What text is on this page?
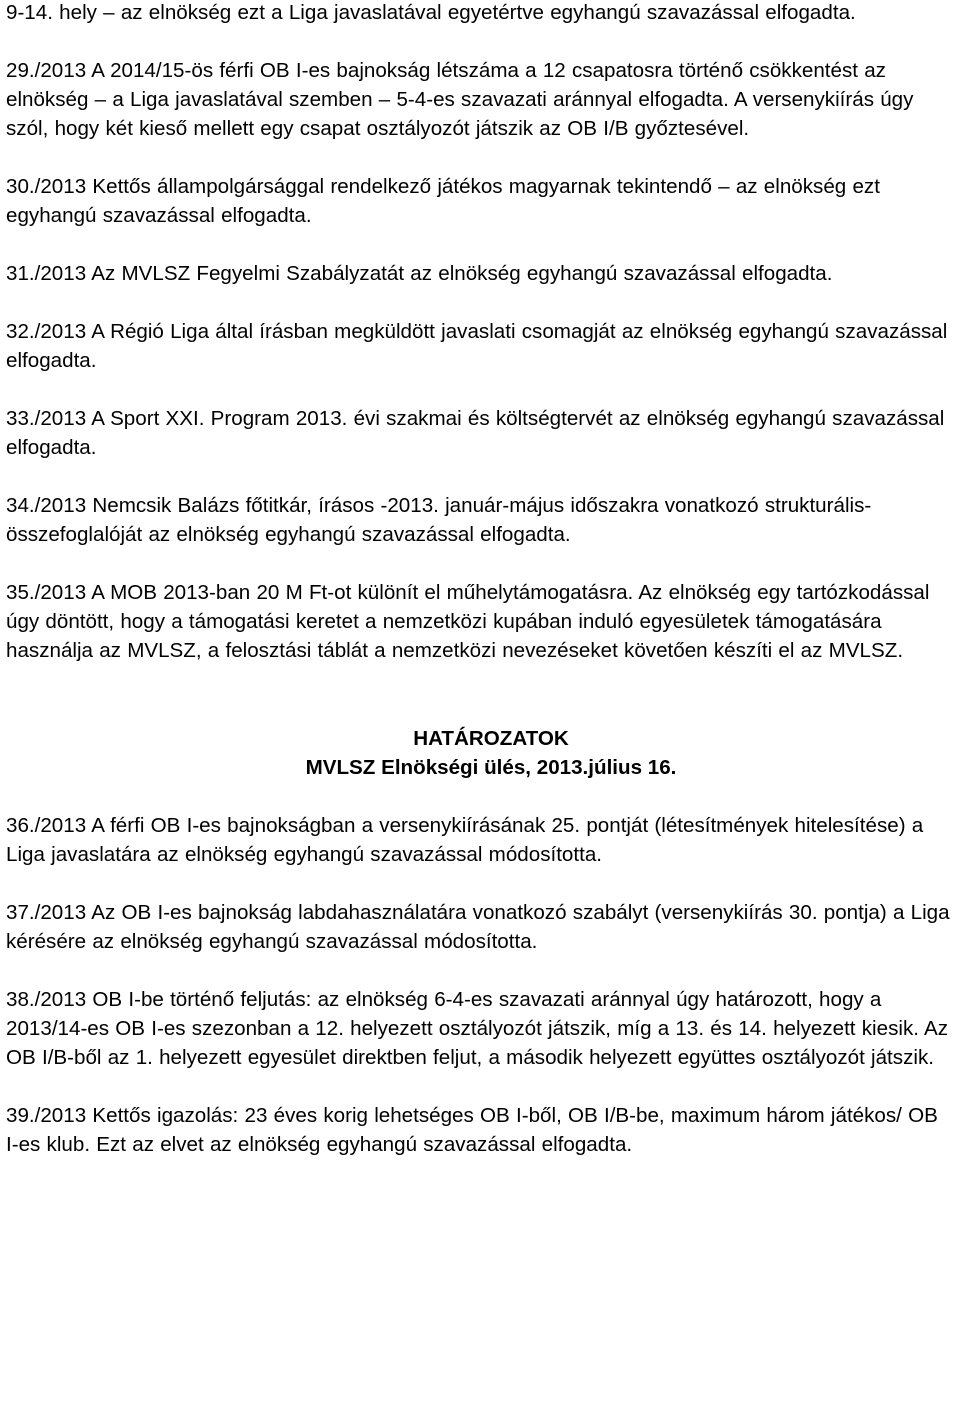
9-14. hely – az elnökség ezt a Liga javaslatával egyetértve egyhangú szavazással elfogadta.

29./2013 A 2014/15-ös férfi OB I-es bajnokság létszáma a 12 csapatosra történő csökkentést az elnökség – a Liga javaslatával szemben – 5-4-es szavazati aránnyal elfogadta. A versenykiírás úgy szól, hogy két kieső mellett egy csapat osztályozót játszik az OB I/B győztesével.

30./2013 Kettős állampolgársággal rendelkező játékos magyarnak tekintendő – az elnökség ezt egyhangú szavazással elfogadta.

31./2013 Az MVLSZ Fegyelmi Szabályzatát az elnökség egyhangú szavazással elfogadta.

32./2013 A Régió Liga által írásban megküldött javaslati csomagját az elnökség egyhangú szavazással elfogadta.

33./2013 A Sport XXI. Program 2013. évi szakmai és költségtervét az elnökség egyhangú szavazással elfogadta.

34./2013 Nemcsik Balázs főtitkár, írásos -2013. január-május időszakra vonatkozó strukturális- összefoglalóját az elnökség egyhangú szavazással elfogadta.

35./2013 A MOB 2013-ban 20 M Ft-ot különít el műhelytámogatásra. Az elnökség egy tartózkodással úgy döntött, hogy a támogatási keretet a nemzetközi kupában induló egyesületek támogatására használja az MVLSZ, a felosztási táblát a nemzetközi nevezéseket követően készíti el az MVLSZ.

HATÁROZATOK
MVLSZ Elnökségi ülés, 2013.július 16.

36./2013 A férfi OB I-es bajnokságban a versenykiírásának 25. pontját (létesítmények hitelesítése) a Liga javaslatára az elnökség egyhangú szavazással módosította.

37./2013 Az OB I-es bajnokság labdahasználatára vonatkozó szabályt (versenykiírás 30. pontja) a Liga kérésére az elnökség egyhangú szavazással módosította.

38./2013 OB I-be történő feljutás: az elnökség 6-4-es szavazati aránnyal úgy határozott, hogy a 2013/14-es OB I-es szezonban a 12. helyezett osztályozót játszik, míg a 13. és 14. helyezett kiesik. Az OB I/B-ből az 1. helyezett egyesület direktben feljut, a második helyezett együttes osztályozót játszik.

39./2013 Kettős igazolás: 23 éves korig lehetséges OB I-ből, OB I/B-be, maximum három játékos/ OB I-es klub. Ezt az elvet az elnökség egyhangú szavazással elfogadta.
